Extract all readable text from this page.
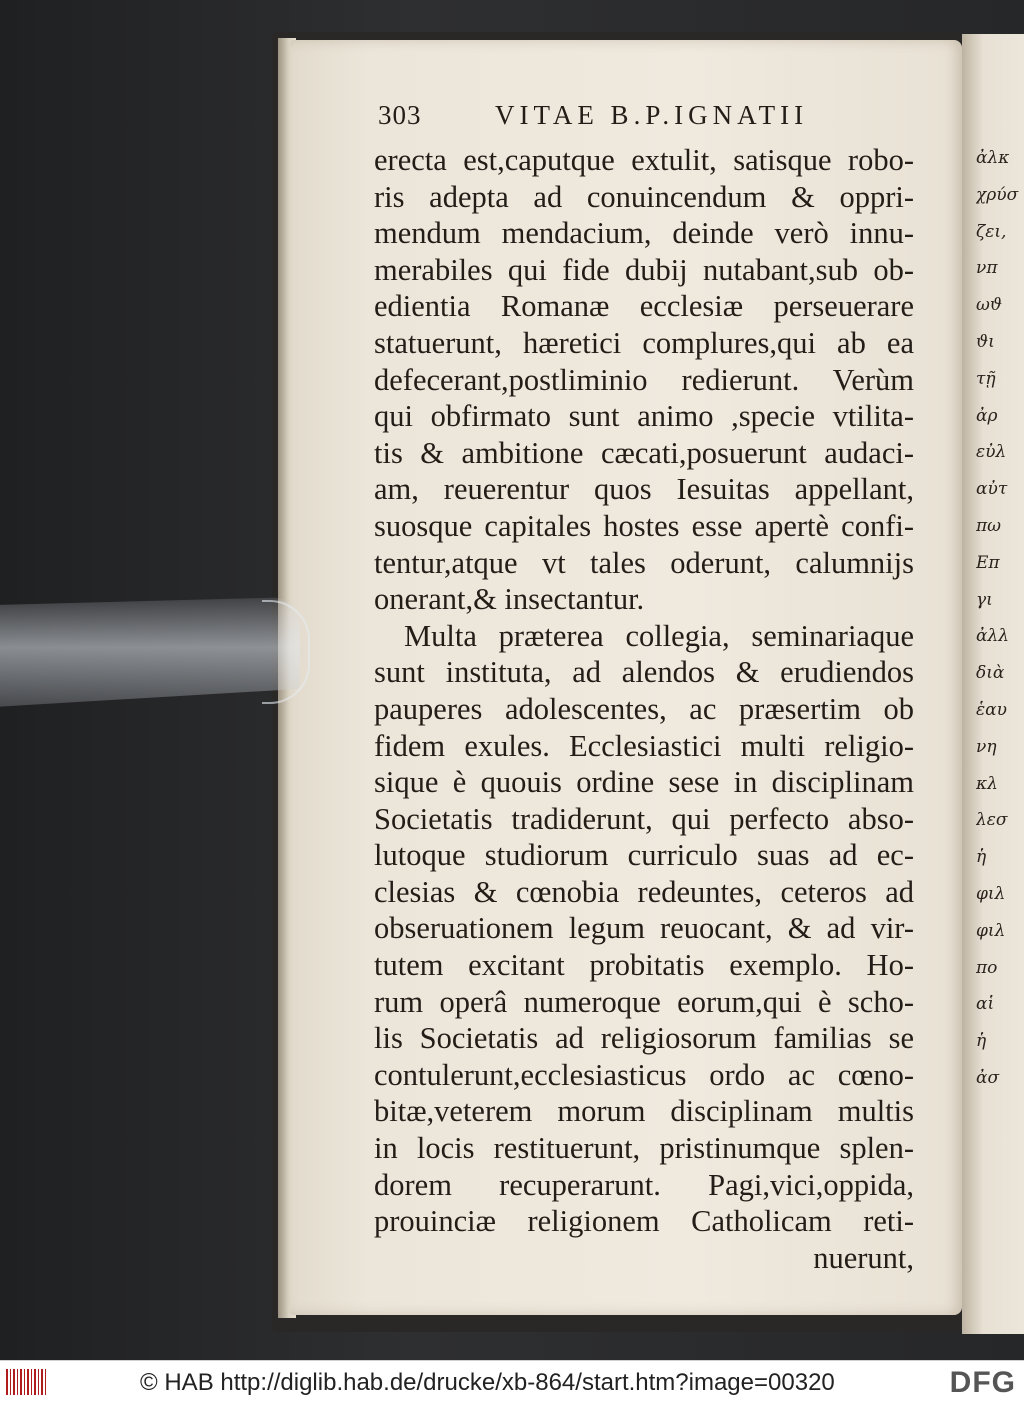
ἀλκ
χρύσ
ζει,
νπ
ωϑ
ϑι
τῇ
ἀρ
εὐλ
αὐτ
πω
Επ
γι
ἀλλ
διὰ
ἑαυ
νη
κλ
λεσ
ἡ
φιλ
φιλ
πο
αἱ
ἡ
ἀσ
303	VITAE B.P.IGNATII
erecta est,caputque extulit, satisque robo-
ris adepta ad conuincendum & oppri-
mendum mendacium, deinde verò innu-
merabiles qui fide dubij nutabant,sub ob-
edientia Romanæ ecclesiæ perseuerare
statuerunt, hæretici complures,qui ab ea
defecerant,postliminio redierunt. Verùm
qui obfirmato sunt animo ,specie vtilita-
tis & ambitione cæcati,posuerunt audaci-
am, reuerentur quos Iesuitas appellant,
suosque capitales hostes esse apertè confi-
tentur,atque vt tales oderunt, calumnijs
onerant,& insectantur.
Multa præterea collegia, seminariaque
sunt instituta, ad alendos & erudiendos
pauperes adolescentes, ac præsertim ob
fidem exules. Ecclesiastici multi religio-
sique è quouis ordine sese in disciplinam
Societatis tradiderunt, qui perfecto abso-
lutoque studiorum curriculo suas ad ec-
clesias & cœnobia redeuntes, ceteros ad
obseruationem legum reuocant, & ad vir-
tutem excitant probitatis exemplo. Ho-
rum operâ numeroque eorum,qui è scho-
lis Societatis ad religiosorum familias se
contulerunt,ecclesiasticus ordo ac cœno-
bitæ,veterem morum disciplinam multis
in locis restituerunt, pristinumque splen-
dorem recuperarunt. Pagi,vici,oppida,
prouinciæ religionem Catholicam reti-
nuerunt,
© HAB http://diglib.hab.de/drucke/xb-864/start.htm?image=00320	DFG
